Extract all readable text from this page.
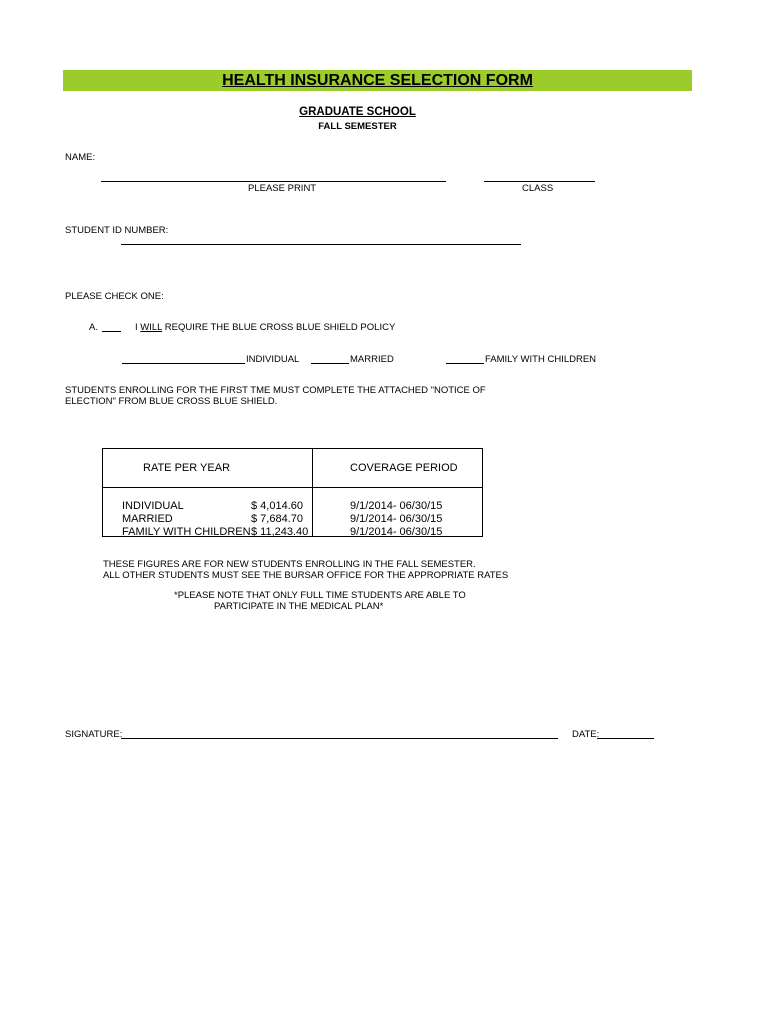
HEALTH INSURANCE SELECTION FORM
GRADUATE SCHOOL
FALL SEMESTER
NAME:
PLEASE PRINT	CLASS
STUDENT ID NUMBER:
PLEASE CHECK ONE:
A.	I WILL REQUIRE THE BLUE CROSS BLUE SHIELD POLICY
INDIVIDUAL	MARRIED	FAMILY WITH CHILDREN
STUDENTS ENROLLING FOR THE FIRST TME MUST COMPLETE THE ATTACHED "NOTICE OF
ELECTION" FROM BLUE CROSS BLUE SHIELD.
RATE PER YEAR	COVERAGE PERIOD
INDIVIDUAL	$ 4,014.60	9/1/2014- 06/30/15
MARRIED	$ 7,684.70	9/1/2014- 06/30/15
FAMILY WITH CHILDREN $ 11,243.40	9/1/2014- 06/30/15
THESE FIGURES ARE FOR NEW STUDENTS ENROLLING IN THE FALL SEMESTER.
ALL OTHER STUDENTS MUST SEE THE BURSAR OFFICE FOR THE APPROPRIATE RATES
*PLEASE NOTE THAT ONLY FULL TIME STUDENTS ARE ABLE TO
PARTICIPATE IN THE MEDICAL PLAN*
SIGNATURE:	DATE:
